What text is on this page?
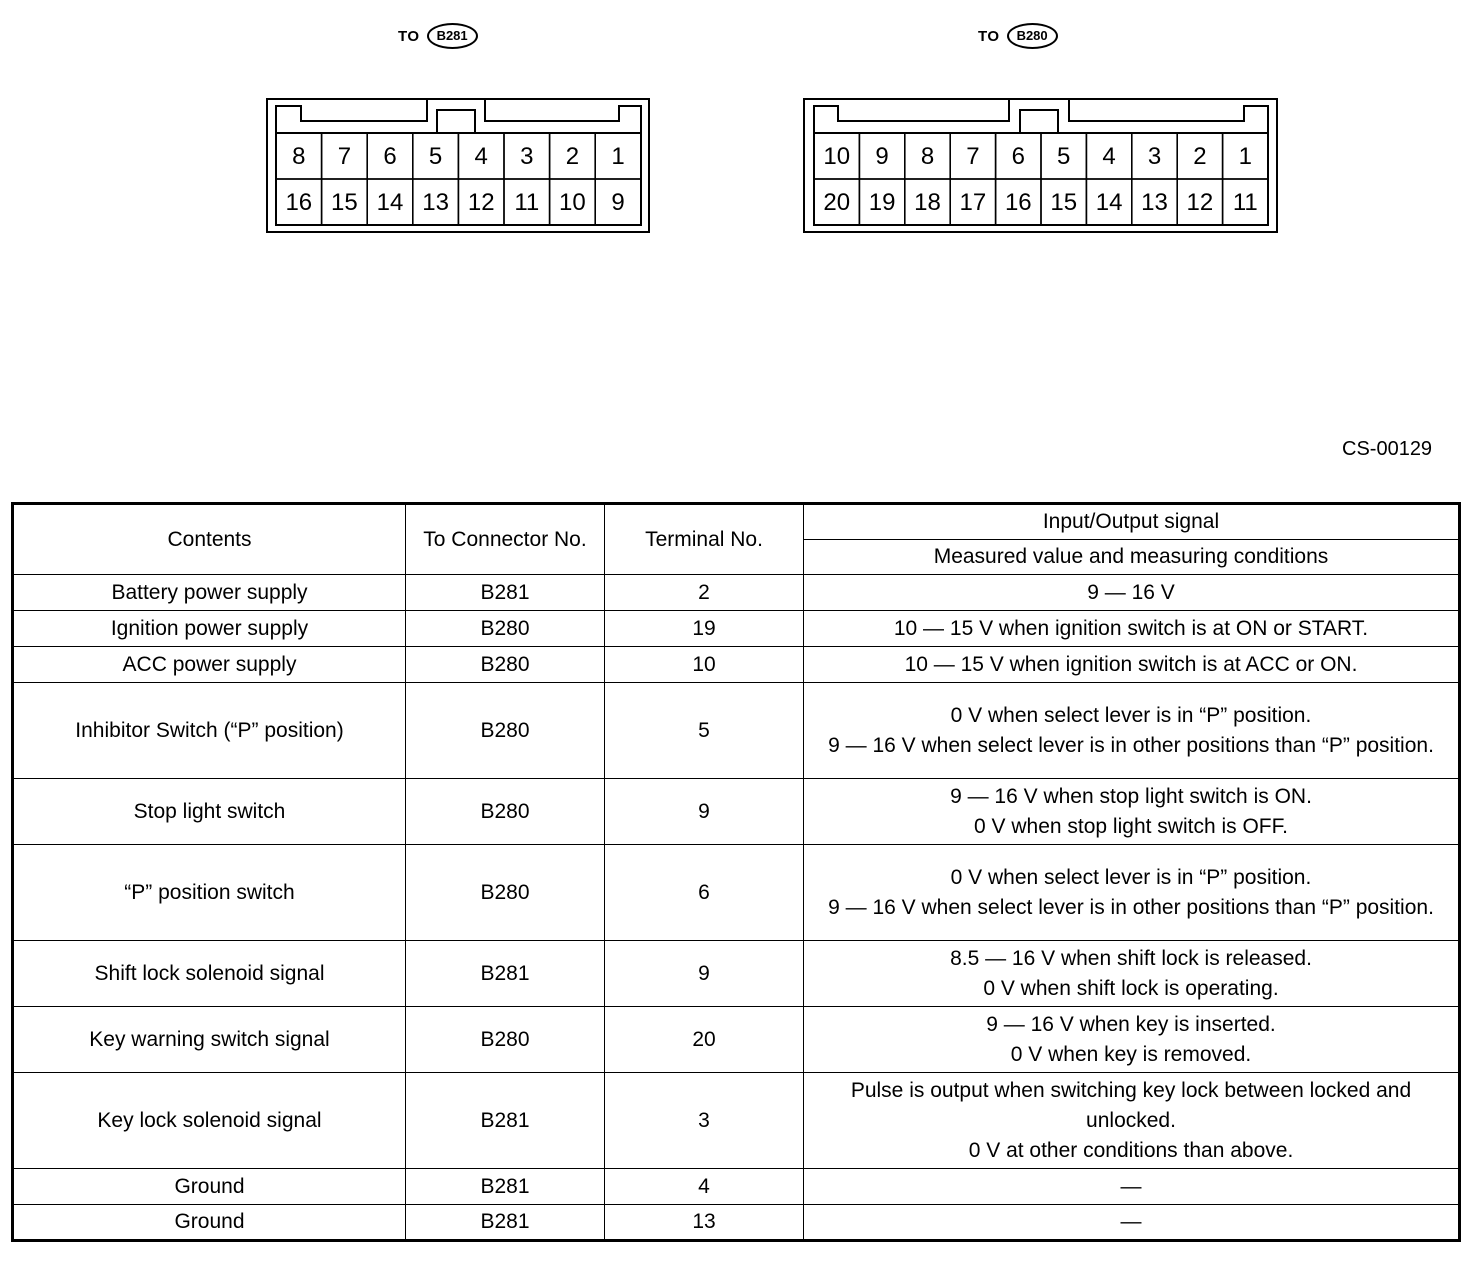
TO	B281	TO	B280
8 7 6 5 4 3 2 1
16 15 14 13 12 11 10 9
10 9 8 7 6 5 4 3 2 1
20 19 18 17 16 15 14 13 12 11
CS-00129
Contents	To Connector No.	Terminal No.	Input/Output signal
			Measured value and measuring conditions
Battery power supply	B281	2	9 — 16 V
Ignition power supply	B280	19	10 — 15 V when ignition switch is at ON or START.
ACC power supply	B280	10	10 — 15 V when ignition switch is at ACC or ON.
Inhibitor Switch (“P” position)	B280	5	0 V when select lever is in “P” position.
9 — 16 V when select lever is in other positions than “P” position.
Stop light switch	B280	9	9 — 16 V when stop light switch is ON.
0 V when stop light switch is OFF.
“P” position switch	B280	6	0 V when select lever is in “P” position.
9 — 16 V when select lever is in other positions than “P” position.
Shift lock solenoid signal	B281	9	8.5 — 16 V when shift lock is released.
0 V when shift lock is operating.
Key warning switch signal	B280	20	9 — 16 V when key is inserted.
0 V when key is removed.
Key lock solenoid signal	B281	3	Pulse is output when switching key lock between locked and unlocked.
0 V at other conditions than above.
Ground	B281	4	—
Ground	B281	13	—
